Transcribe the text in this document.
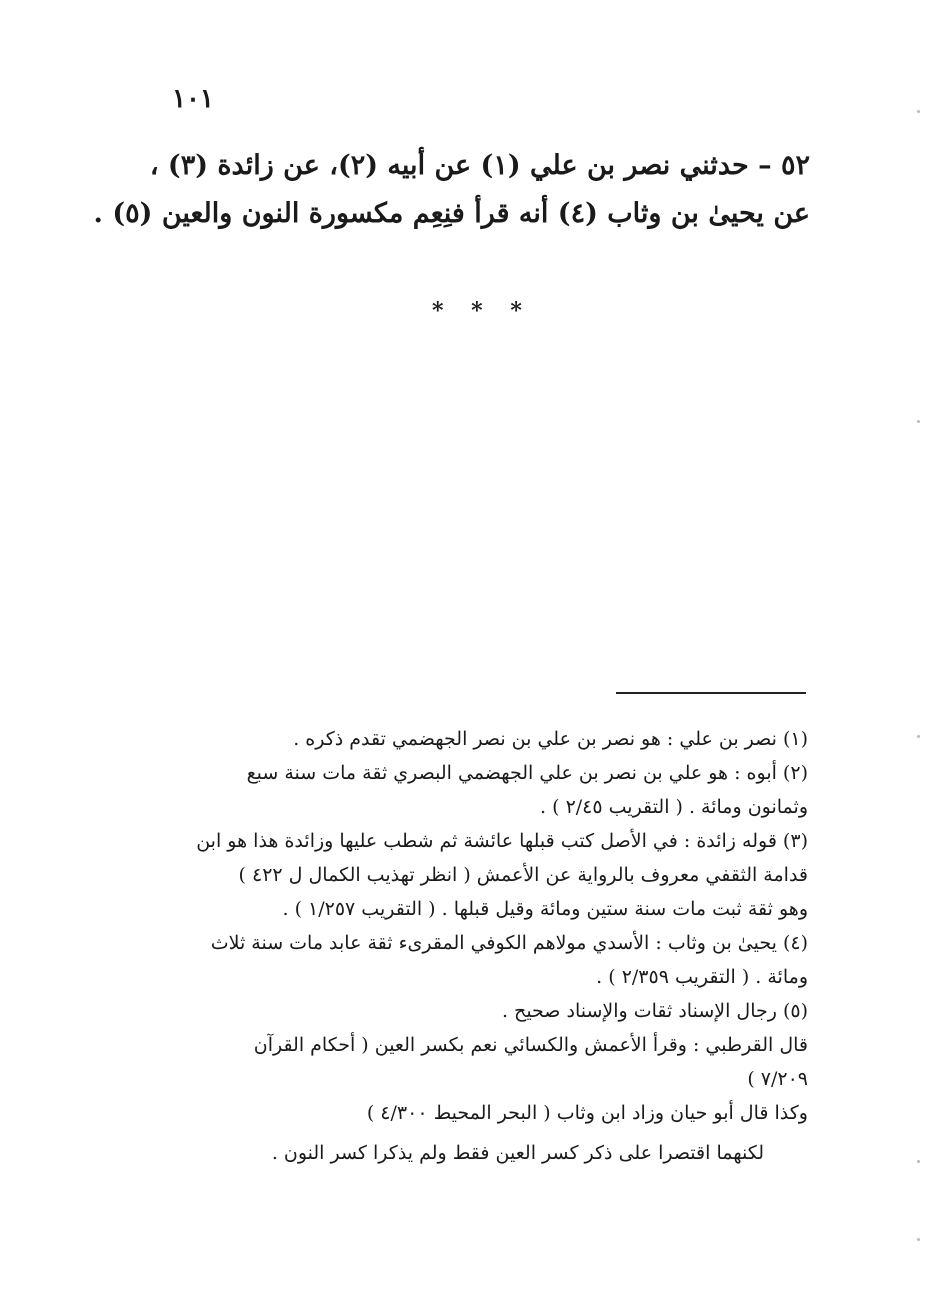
١٠١
٥٢ – حدثني نصر بن علي (١) عن أبيه (٢)، عن زائدة (٣) ،
عن يحيىٰ بن وثاب (٤) أنه قرأ فنِعِم مكسورة النون والعين (٥) .
* * *
(١) نصر بن علي : هو نصر بن علي بن نصر الجهضمي تقدم ذكره .
(٢) أبوه : هو علي بن نصر بن علي الجهضمي البصري ثقة مات سنة سبع
وثمانون ومائة . ( التقريب ٢/٤٥ ) .
(٣) قوله زائدة : في الأصل كتب قبلها عائشة ثم شطب عليها وزائدة هذا هو ابن
قدامة الثقفي معروف بالرواية عن الأعمش ( انظر تهذيب الكمال ل ٤٢٢ )
وهو ثقة ثبت مات سنة ستين ومائة وقيل قبلها . ( التقريب ١/٢٥٧ ) .
(٤) يحيىٰ بن وثاب : الأسدي مولاهم الكوفي المقرىء ثقة عابد مات سنة ثلاث
ومائة . ( التقريب ٢/٣٥٩ ) .
(٥) رجال الإسناد ثقات والإسناد صحيح .
قال القرطبي : وقرأ الأعمش والكسائي نعم بكسر العين ( أحكام القرآن
٧/٢٠٩ )
وكذا قال أبو حيان وزاد ابن وثاب ( البحر المحيط ٤/٣٠٠ )
لكنهما اقتصرا على ذكر كسر العين فقط ولم يذكرا كسر النون .
